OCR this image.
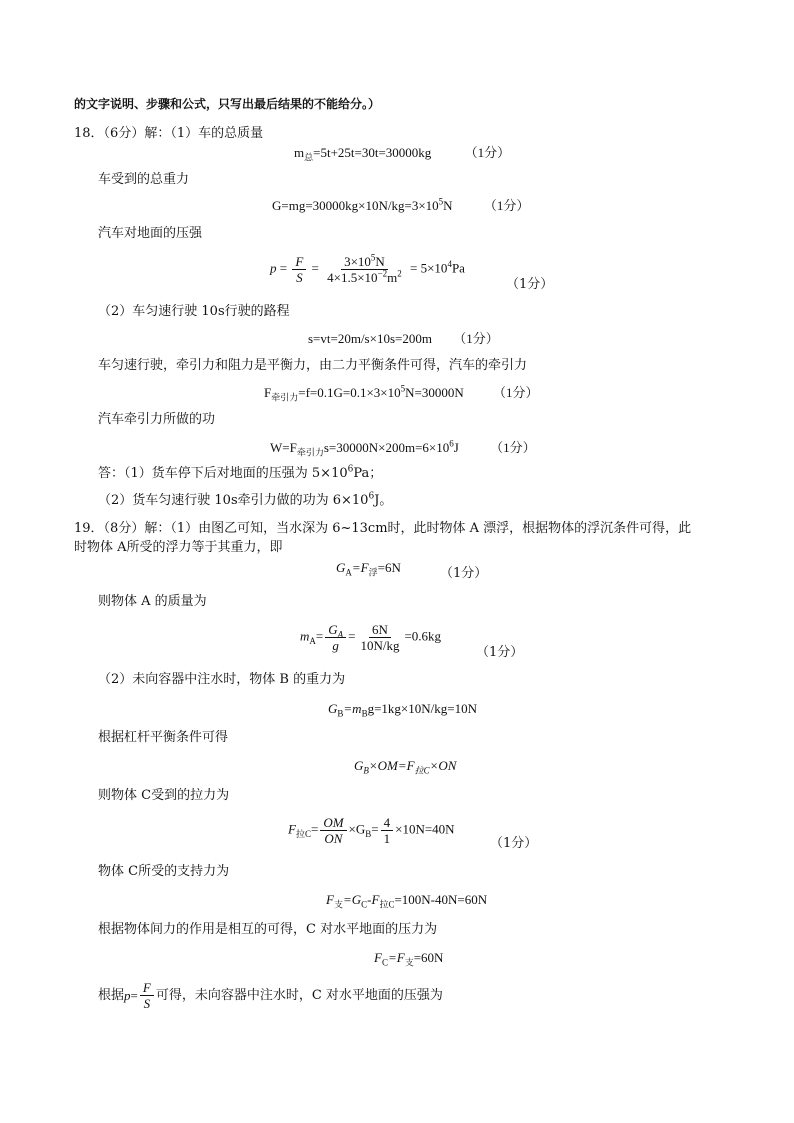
的文字说明、步骤和公式，只写出最后结果的不能给分。）
18．（6分）解：（1）车的总质量
$m_总=5t+25t=30t=30000kg$	（1分）
车受到的总重力
$G=mg=30000kg\times 10N/kg=3\times 10^5N$ （1分）
汽车对地面的压强
$p = \frac{F}{S} = \frac{3\times 10^5N}{4\times 1.5\times 10^{-2}m^2} = 5\times 10^4Pa$
（1分）
（2）车匀速行驶 10s行驶的路程
s=vt=20m/s×10s=200m （1分）
车匀速行驶，牵引力和阻力是平衡力，由二力平衡条件可得，汽车的牵引力
$F_{牵引力}=f=0.1G=0.1\times 3\times 10^5N=30000N$ （1分）
汽车牵引力所做的功
$W=F_{牵引力}s=30000N\times 200m=6\times 10^6J$ （1分）
答：（1）货车停下后对地面的压强为 $5\times 10^6Pa$；
（2）货车匀速行驶 10s牵引力做的功为 $6\times 10^6J$。
19．（8分）解：（1）由图乙可知，当水深为 6~13cm时，此时物体 A 漂浮，根据物体的浮沉条件可得，此
时物体 A所受的浮力等于其重力，即
$G_A=F_浮=6N$	（1分）
则物体 A 的质量为
$m_A= \frac{G_A}{g} = \frac{6N}{10N/kg} =0.6kg$
（1分）
（2）未向容器中注水时，物体 B 的重力为
$G_B=m_Bg=1kg\times 10N/kg=10N$
根据杠杆平衡条件可得
$G_B\times OM=F_{拉C}\times ON$
则物体 C受到的拉力为
$F_{拉C}= \frac{OM}{ON} \times G_B= \frac{4}{1} \times 10N=40N$
（1分）
物体 C所受的支持力为
$F_支=G_C-F_{拉C}=100N-40N=60N$
根据物体间力的作用是相互的可得，C 对水平地面的压力为
$F_C=F_支=60N$
根据$p= \frac{F}{S}$ 可得，未向容器中注水时，C 对水平地面的压强为
